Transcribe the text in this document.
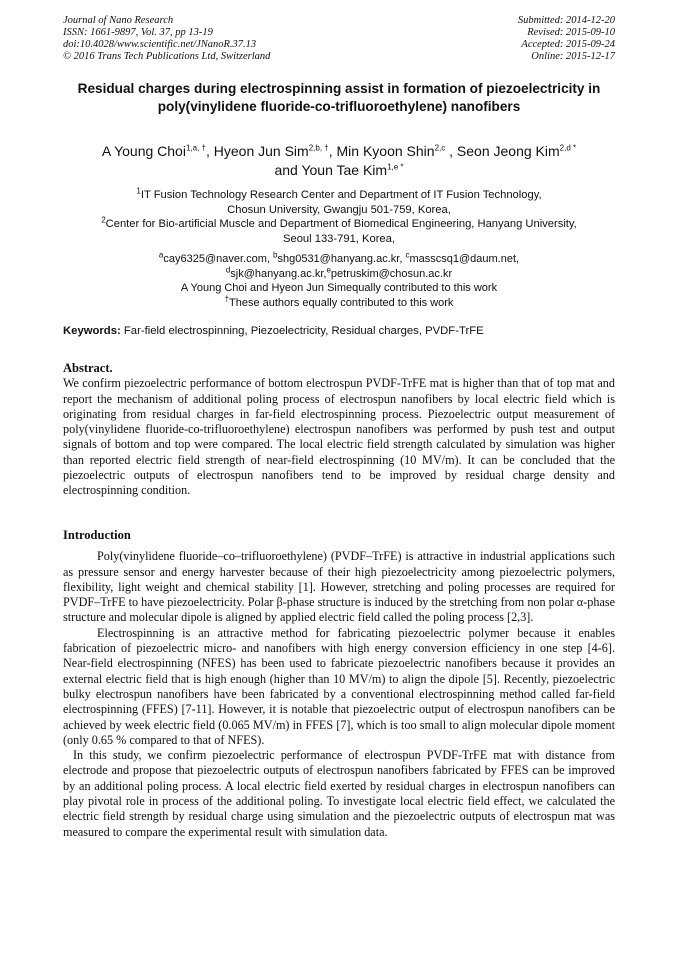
Journal of Nano Research
ISSN: 1661-9897, Vol. 37, pp 13-19
doi:10.4028/www.scientific.net/JNanoR.37.13
© 2016 Trans Tech Publications Ltd, Switzerland
Submitted: 2014-12-20
Revised: 2015-09-10
Accepted: 2015-09-24
Online: 2015-12-17
Residual charges during electrospinning assist in formation of piezoelectricity in poly(vinylidene fluoride-co-trifluoroethylene) nanofibers
A Young Choi$^{1,a, \dagger}$, Hyeon Jun Sim$^{2,b, \dagger}$, Min Kyoon Shin$^{2,c}$ , Seon Jeong Kim$^{2,d *}$
and Youn Tae Kim$^{1,e *}$
$^1$IT Fusion Technology Research Center and Department of IT Fusion Technology,
Chosun University, Gwangju 501-759, Korea,
$^2$Center for Bio-artificial Muscle and Department of Biomedical Engineering, Hanyang University,
Seoul 133-791, Korea,
$^a$cay6325@naver.com, $^b$shg0531@hanyang.ac.kr, $^c$masscsq1@daum.net,
$^d$sjk@hanyang.ac.kr,$^e$petruskim@chosun.ac.kr
A Young Choi and Hyeon Jun Simequally contributed to this work
†These authors equally contributed to this work
Keywords: Far-field electrospinning, Piezoelectricity, Residual charges, PVDF-TrFE

Abstract.

We confirm piezoelectric performance of bottom electrospun PVDF-TrFE mat is higher than that of top mat and report the mechanism of additional poling process of electrospun nanofibers by local electric field which is originating from residual charges in far-field electrospinning process. Piezoelectric output measurement of poly(vinylidene fluoride-co-trifluoroethylene) electrospun nanofibers was performed by push test and output signals of bottom and top were compared. The local electric field strength calculated by simulation was higher than reported electric field strength of near-field electrospinning (10 MV/m). It can be concluded that the piezoelectric outputs of electrospun nanofibers tend to be improved by residual charge density and electrospinning condition.

Introduction

Poly(vinylidene fluoride–co–trifluoroethylene) (PVDF–TrFE) is attractive in industrial applications such as pressure sensor and energy harvester because of their high piezoelectricity among piezoelectric polymers, flexibility, light weight and chemical stability [1]. However, stretching and poling processes are required for PVDF–TrFE to have piezoelectricity. Polar β-phase structure is induced by the stretching from non polar α-phase structure and molecular dipole is aligned by applied electric field called the poling process [2,3].

Electrospinning is an attractive method for fabricating piezoelectric polymer because it enables fabrication of piezoelectric micro- and nanofibers with high energy conversion efficiency in one step [4-6]. Near-field electrospinning (NFES) has been used to fabricate piezoelectric nanofibers because it provides an external electric field that is high enough (higher than 10 MV/m) to align the dipole [5]. Recently, piezoelectric bulky electrospun nanofibers have been fabricated by a conventional electrospinning method called far-field electrospinning (FFES) [7-11]. However, it is notable that piezoelectric output of electrospun nanofibers can be achieved by week electric field (0.065 MV/m) in FFES [7], which is too small to align molecular dipole moment (only 0.65 % compared to that of NFES).

In this study, we confirm piezoelectric performance of electrospun PVDF-TrFE mat with distance from electrode and propose that piezoelectric outputs of electrospun nanofibers fabricated by FFES can be improved by an additional poling process. A local electric field exerted by residual charges in electrospun nanofibers can play pivotal role in process of the additional poling. To investigate local electric field effect, we calculated the electric field strength by residual charge using simulation and the piezoelectric outputs of electrospun mat was measured to compare the experimental result with simulation data.
